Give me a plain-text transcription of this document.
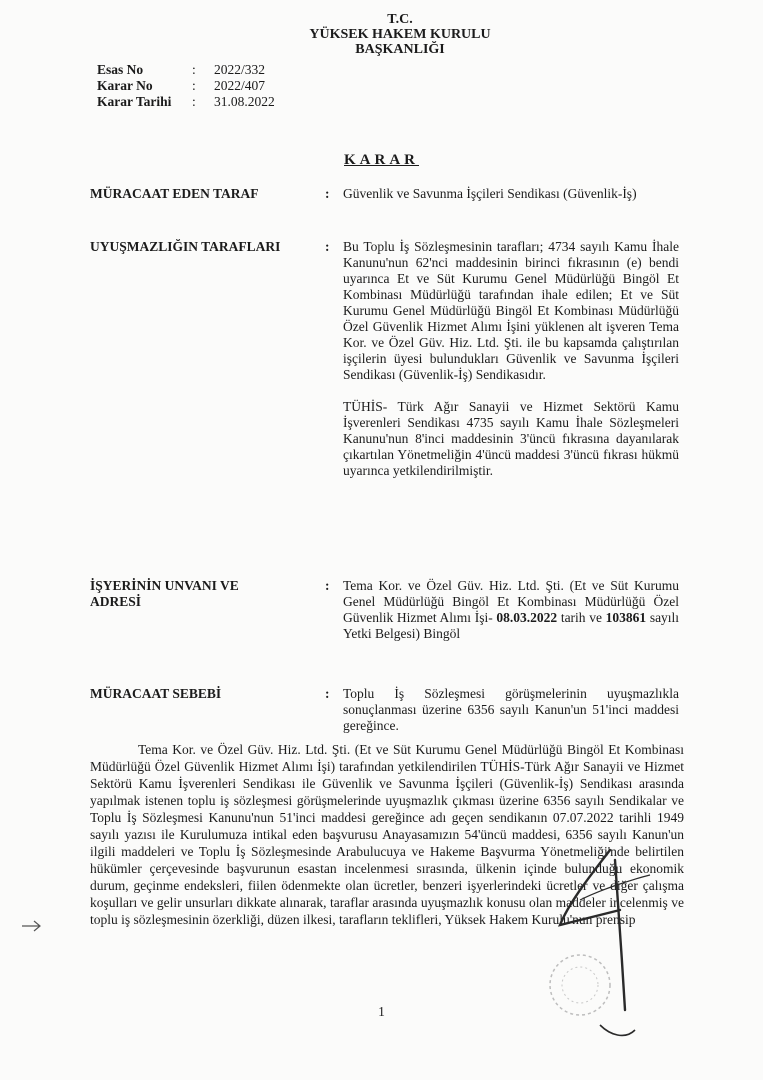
T.C.
YÜKSEK HAKEM KURULU
BAŞKANLIĞI
Esas No	:	2022/332
Karar No	:	2022/407
Karar Tarihi	:	31.08.2022
KARAR
MÜRACAAT EDEN TARAF	: Güvenlik ve Savunma İşçileri Sendikası (Güvenlik-İş)

UYUŞMAZLIĞIN TARAFLARI	: Bu Toplu İş Sözleşmesinin tarafları; 4734 sayılı Kamu İhale Kanunu'nun 62'nci maddesinin birinci fıkrasının (e) bendi uyarınca Et ve Süt Kurumu Genel Müdürlüğü Bingöl Et Kombinası Müdürlüğü tarafından ihale edilen; Et ve Süt Kurumu Genel Müdürlüğü Bingöl Et Kombinası Müdürlüğü Özel Güvenlik Hizmet Alımı İşini yüklenen alt işveren Tema Kor. ve Özel Güv. Hiz. Ltd. Şti. ile bu kapsamda çalıştırılan işçilerin üyesi bulundukları Güvenlik ve Savunma İşçileri Sendikası (Güvenlik-İş) Sendikasıdır.

TÜHİS- Türk Ağır Sanayii ve Hizmet Sektörü Kamu İşverenleri Sendikası 4735 sayılı Kamu İhale Sözleşmeleri Kanunu'nun 8'inci maddesinin 3'üncü fıkrasına dayanılarak çıkartılan Yönetmeliğin 4'üncü maddesi 3'üncü fıkrası hükmü uyarınca yetkilendirilmiştir.

İŞYERİNİN UNVANI VE
ADRESİ
: Tema Kor. ve Özel Güv. Hiz. Ltd. Şti. (Et ve Süt Kurumu Genel Müdürlüğü Bingöl Et Kombinası Müdürlüğü Özel Güvenlik Hizmet Alımı İşi- 08.03.2022 tarih ve 103861 sayılı Yetki Belgesi) Bingöl

MÜRACAAT SEBEBİ	: Toplu İş Sözleşmesi görüşmelerinin uyuşmazlıkla sonuçlanması üzerine 6356 sayılı Kanun'un 51'inci maddesi gereğince.

Tema Kor. ve Özel Güv. Hiz. Ltd. Şti. (Et ve Süt Kurumu Genel Müdürlüğü Bingöl Et Kombinası Müdürlüğü Özel Güvenlik Hizmet Alımı İşi) tarafından yetkilendirilen TÜHİS-Türk Ağır Sanayii ve Hizmet Sektörü Kamu İşverenleri Sendikası ile Güvenlik ve Savunma İşçileri (Güvenlik-İş) Sendikası arasında yapılmak istenen toplu iş sözleşmesi görüşmelerinde uyuşmazlık çıkması üzerine 6356 sayılı Sendikalar ve Toplu İş Sözleşmesi Kanunu'nun 51'inci maddesi gereğince adı geçen sendikanın 07.07.2022 tarihli 1949 sayılı yazısı ile Kurulumuza intikal eden başvurusu Anayasamızın 54'üncü maddesi, 6356 sayılı Kanun'un ilgili maddeleri ve Toplu İş Sözleşmesinde Arabulucuya ve Hakeme Başvurma Yönetmeliği'nde belirtilen hükümler çerçevesinde başvurunun esastan incelenmesi sırasında, ülkenin içinde bulunduğu ekonomik durum, geçinme endeksleri, fiilen ödenmekte olan ücretler, benzeri işyerlerindeki ücretler ve diğer çalışma koşulları ve gelir unsurları dikkate alınarak, taraflar arasında uyuşmazlık konusu olan maddeler incelenmiş ve toplu iş sözleşmesinin özerkliği, düzen ilkesi, tarafların teklifleri, Yüksek Hakem Kurulu'nun prensip
1
